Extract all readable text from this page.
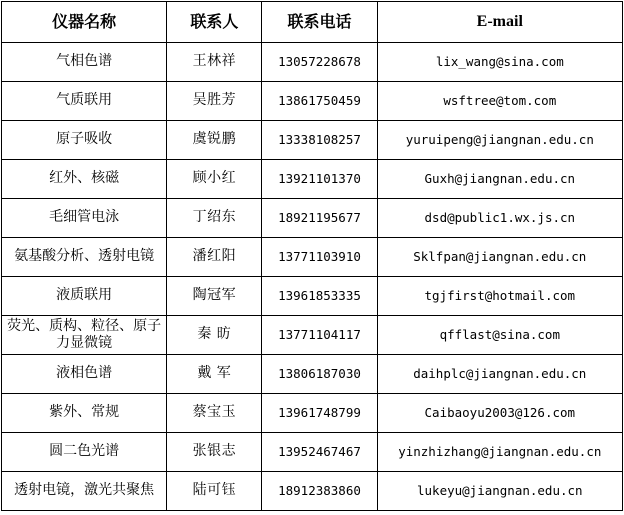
仪器名称	联系人	联系电话	E-mail
气相色谱	王林祥	13057228678	lix_wang@sina.com
气质联用	吴胜芳	13861750459	wsftree@tom.com
原子吸收	虞锐鹏	13338108257	yuruipeng@jiangnan.edu.cn
红外、核磁	顾小红	13921101370	Guxh@jiangnan.edu.cn
毛细管电泳	丁绍东	18921195677	dsd@public1.wx.js.cn
氨基酸分析、透射电镜	潘红阳	13771103910	Sklfpan@jiangnan.edu.cn
液质联用	陶冠军	13961853335	tgjfirst@hotmail.com
荧光、质构、粒径、原子力显微镜	秦 昉	13771104117	qfflast@sina.com
液相色谱	戴 军	13806187030	daihplc@jiangnan.edu.cn
紫外、常规	蔡宝玉	13961748799	Caibaoyu2003@126.com
圆二色光谱	张银志	13952467467	yinzhizhang@jiangnan.edu.cn
透射电镜，激光共聚焦	陆可钰	18912383860	lukeyu@jiangnan.edu.cn
